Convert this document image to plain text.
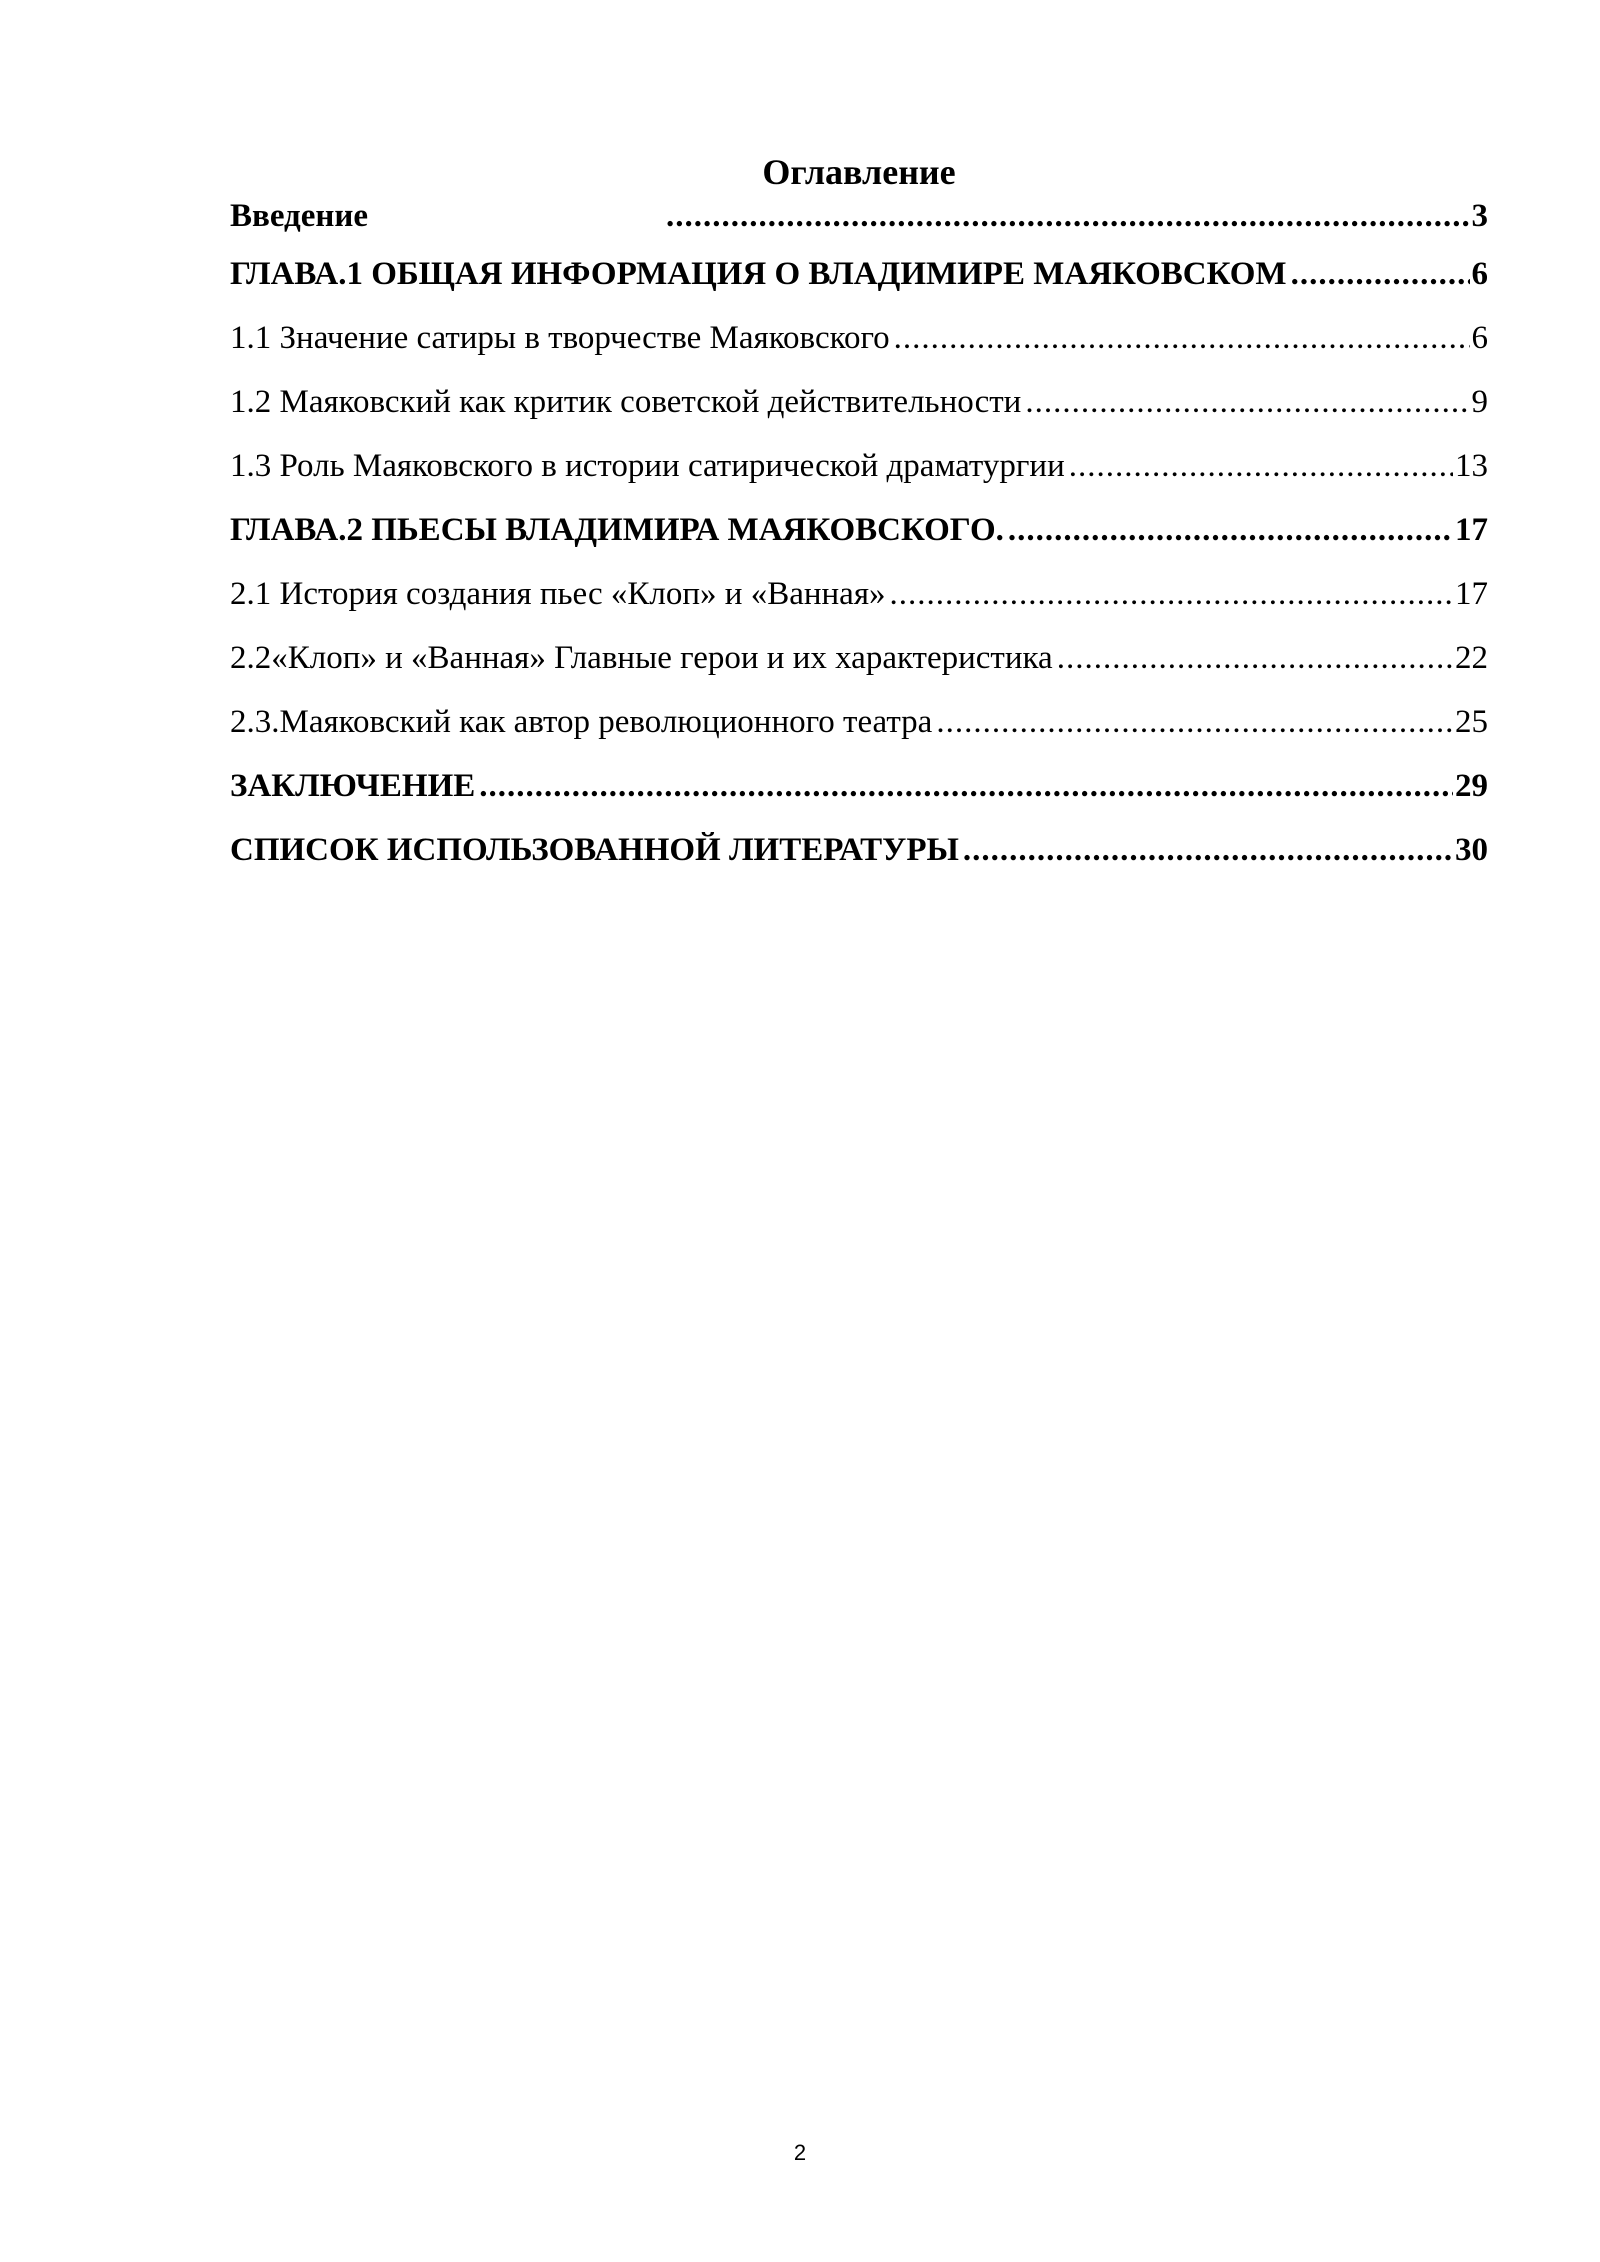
Оглавление
Введение .....	3
ГЛАВА.1 ОБЩАЯ ИНФОРМАЦИЯ О ВЛАДИМИРЕ МАЯКОВСКОМ .....	6
1.1 Значение сатиры в творчестве Маяковского .....	6
1.2 Маяковский как критик советской действительности .....	9
1.3 Роль Маяковского в истории сатирической драматургии .....	13
ГЛАВА.2 ПЬЕСЫ ВЛАДИМИРА МАЯКОВСКОГО. .....	17
2.1 История создания пьес «Клоп» и «Ванная» .....	17
2.2«Клоп» и «Ванная» Главные герои и их характеристика .....	22
2.3.Маяковский как автор революционного театра .....	25
ЗАКЛЮЧЕНИЕ .....	29
СПИСОК ИСПОЛЬЗОВАННОЙ ЛИТЕРАТУРЫ .....	30
2
